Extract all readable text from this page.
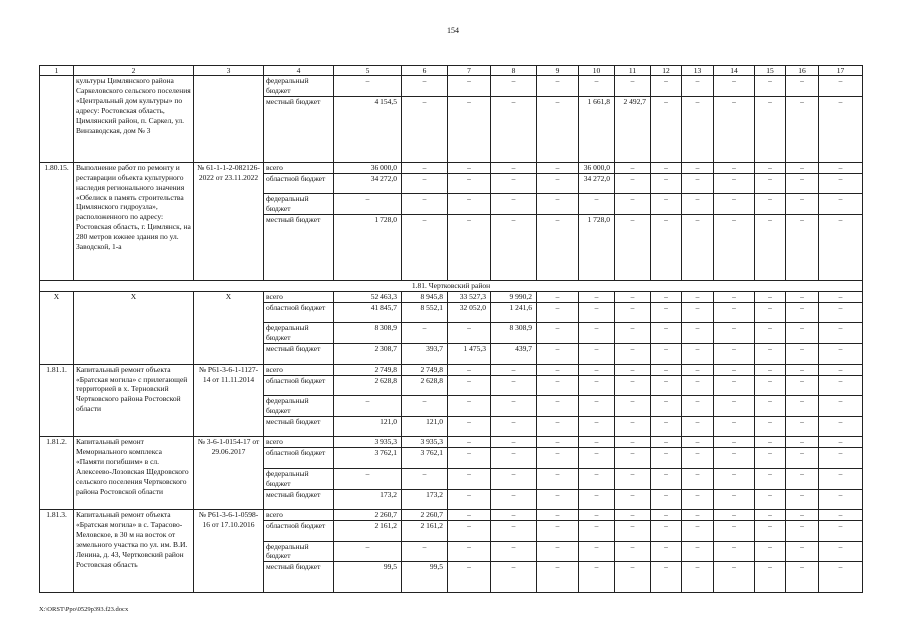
154
1	2	3	4	5	6	7	8	9	10	11	12	13	14	15	16	17
	культуры Цимлянского района Саркеловского сельского поселения «Центральный дом культуры» по адресу: Ростовская область, Цимлянский район, п. Саркел, ул. Винзаводская, дом № 3		федеральный бюджет	–	–	–	–	–	–	–	–	–	–	–	–	–
			местный бюджет	4 154,5	–	–	–	–	1 661,8	2 492,7	–	–	–	–	–	–
1.80.15.	Выполнение работ по ремонту и реставрации объекта культурного наследия регионального значения «Обелиск в память строительства Цимлянского гидроузла», расположенного по адресу: Ростовская область, г. Цимлянск, на 280 метров южнее здания по ул. Заводской, 1-а	№ 61-1-1-2-082126-2022 от 23.11.2022	всего	36 000,0	–	–	–	–	36 000,0	–	–	–	–	–	–	–
			областной бюджет	34 272,0	–	–	–	–	34 272,0	–	–	–	–	–	–	–
			федеральный бюджет	–	–	–	–	–	–	–	–	–	–	–	–	–
			местный бюджет	1 728,0	–	–	–	–	1 728,0	–	–	–	–	–	–	–
1.81. Чертковский район																
Х	Х	Х	всего	52 463,3	8 945,8	33 527,3	9 990,2	–	–	–	–	–	–	–	–	–
			областной бюджет	41 845,7	8 552,1	32 052,0	1 241,6	–	–	–	–	–	–	–	–	–
			федеральный бюджет	8 308,9	–	–	8 308,9	–	–	–	–	–	–	–	–	–
			местный бюджет	2 308,7	393,7	1 475,3	439,7	–	–	–	–	–	–	–	–	–
1.81.1.	Капитальный ремонт объекта «Братская могила» с прилегающей территорией в х. Терновский Чертковского района Ростовской области	№ Р61-3-6-1-1127-14 от 11.11.2014	всего	2 749,8	2 749,8	–	–	–	–	–	–	–	–	–	–	–
			областной бюджет	2 628,8	2 628,8	–	–	–	–	–	–	–	–	–	–	–
			федеральный бюджет	–	–	–	–	–	–	–	–	–	–	–	–	–
			местный бюджет	121,0	121,0	–	–	–	–	–	–	–	–	–	–	–
1.81.2.	Капитальный ремонт Мемориального комплекса «Памяти погибшим» в сл. Алексеево-Лозовская Щедровского сельского поселения Чертковского района Ростовской области	№ 3-6-1-0154-17 от 29.06.2017	всего	3 935,3	3 935,3	–	–	–	–	–	–	–	–	–	–	–
			областной бюджет	3 762,1	3 762,1	–	–	–	–	–	–	–	–	–	–	–
			федеральный бюджет	–	–	–	–	–	–	–	–	–	–	–	–	–
			местный бюджет	173,2	173,2	–	–	–	–	–	–	–	–	–	–	–
1.81.3.	Капитальный ремонт объекта «Братская могила» в с. Тарасово-Меловское, в 30 м на восток от земельного участка по ул. им. В.И. Ленина, д. 43, Чертковский район Ростовская область	№ Р61-3-6-1-0598-16 от 17.10.2016	всего	2 260,7	2 260,7	–	–	–	–	–	–	–	–	–	–	–
			областной бюджет	2 161,2	2 161,2	–	–	–	–	–	–	–	–	–	–	–
			федеральный бюджет	–	–	–	–	–	–	–	–	–	–	–	–	–
			местный бюджет	99,5	99,5	–	–	–	–	–	–	–	–	–	–	–
X:\ORST\Ppo\0529p393.f23.docx
